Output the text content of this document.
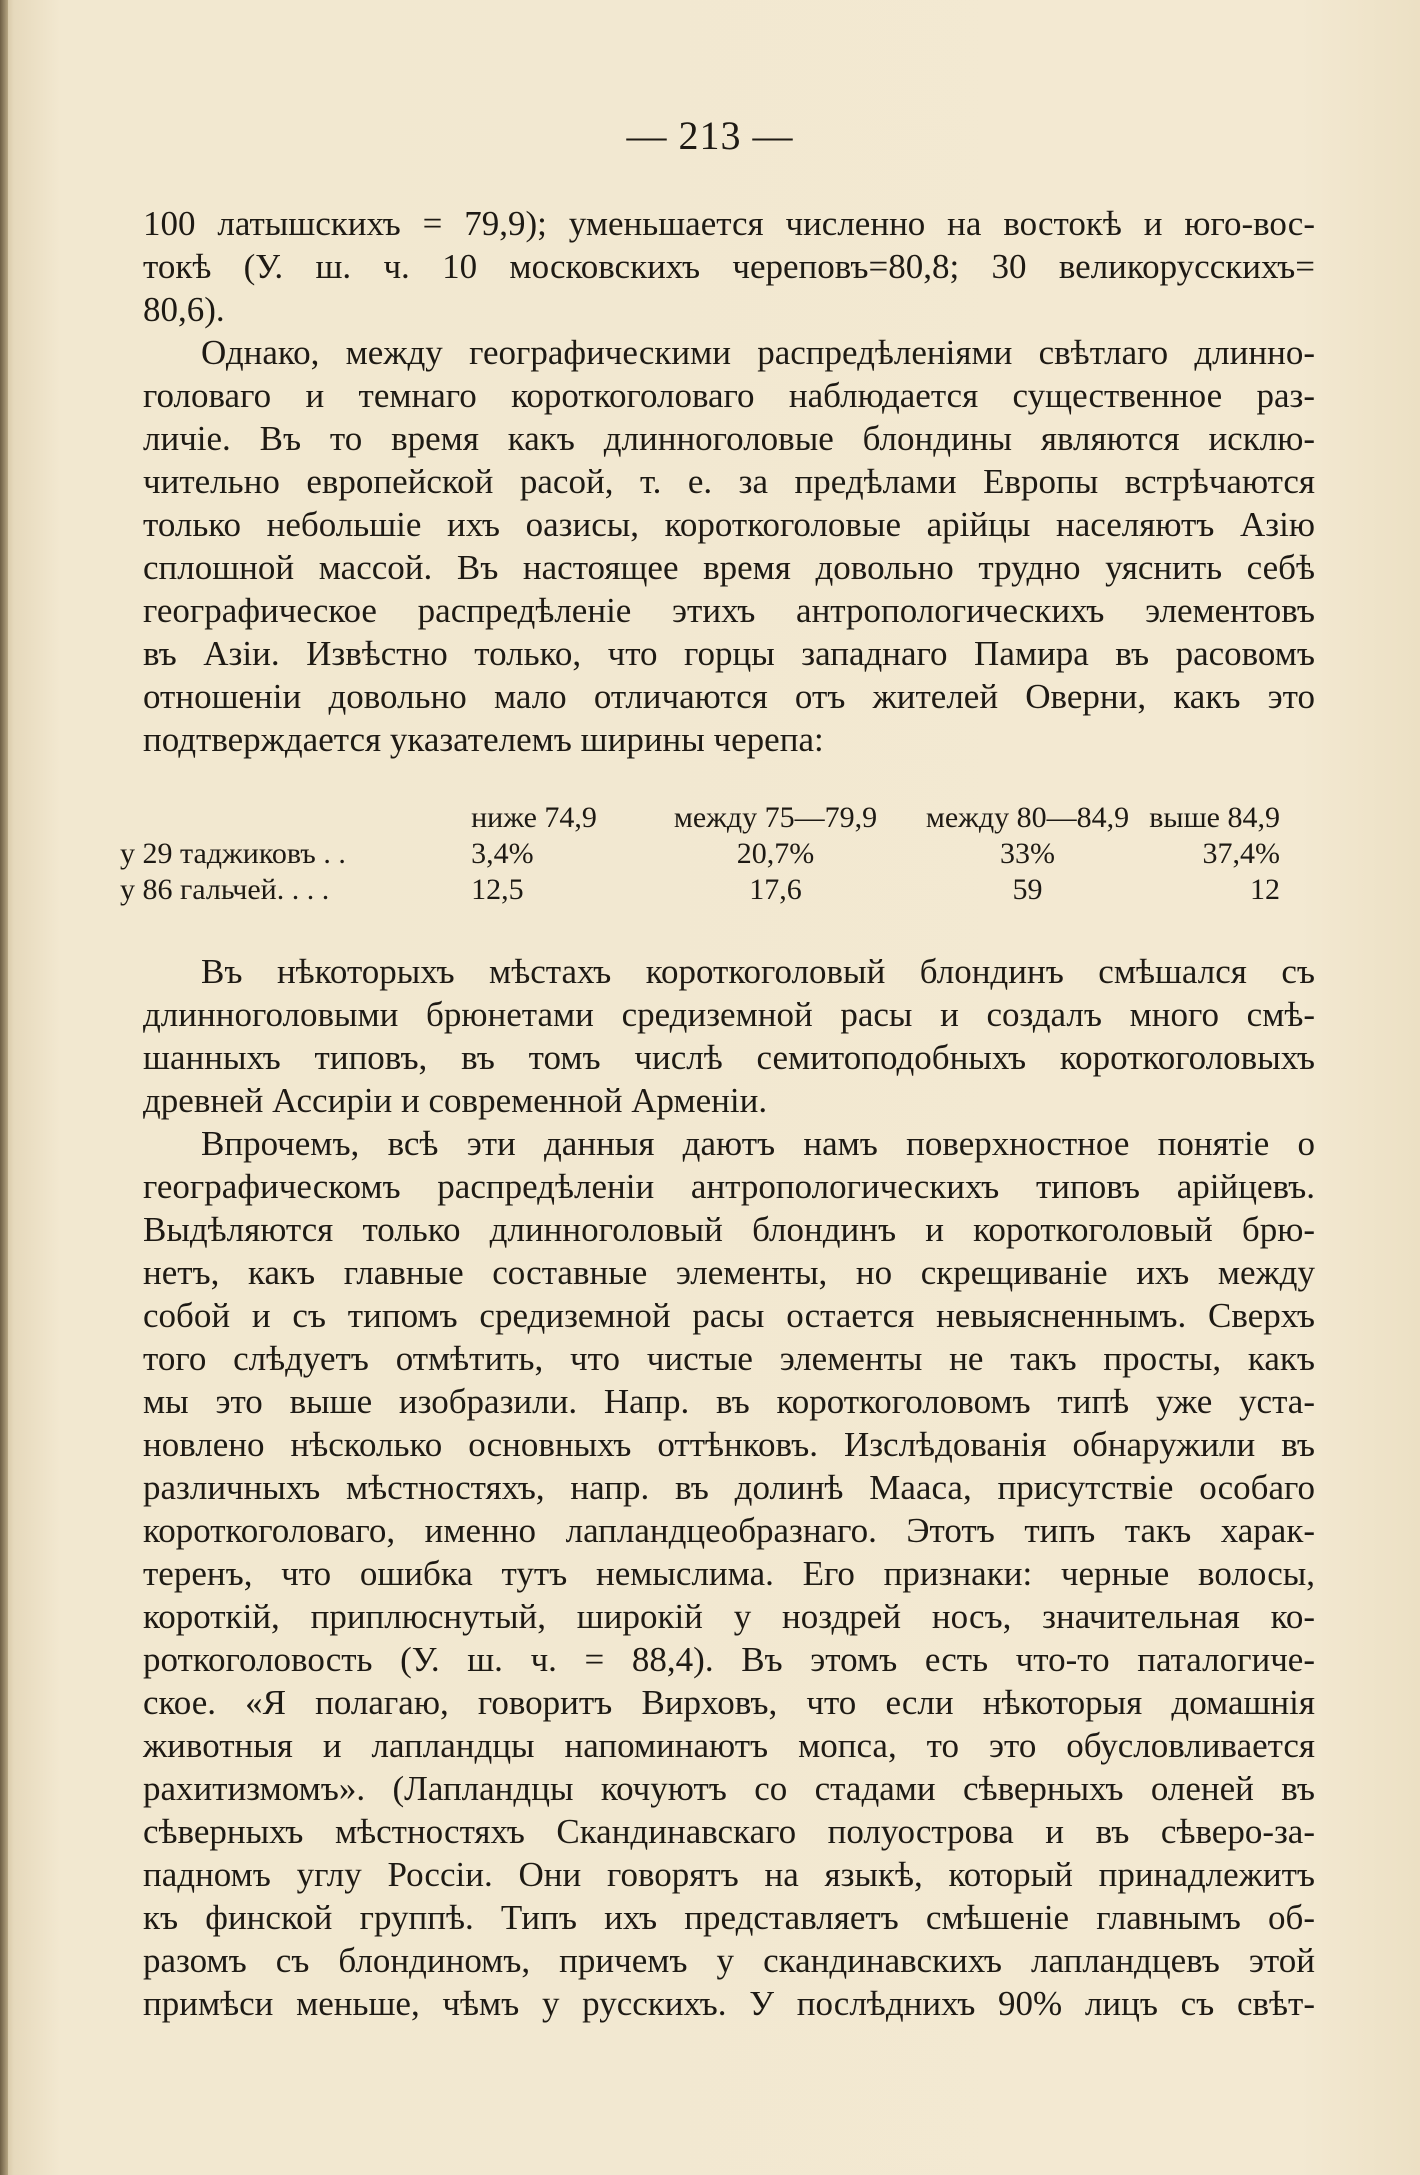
— 213 —
100 латышскихъ = 79,9); уменьшается численно на востокѣ и юго-вос-
токѣ (У. ш. ч. 10 московскихъ череповъ=80,8; 30 великорусскихъ=
80,6).
Однако, между географическими распредѣленіями свѣтлаго длинно-
головаго и темнаго короткоголоваго наблюдается существенное раз-
личіе. Въ то время какъ длинноголовые блондины являются исклю-
чительно европейской расой, т. е. за предѣлами Европы встрѣчаются
только небольшіе ихъ оазисы, короткоголовые арійцы населяютъ Азію
сплошной массой. Въ настоящее время довольно трудно уяснить себѣ
географическое распредѣленіе этихъ антропологическихъ элементовъ
въ Азіи. Извѣстно только, что горцы западнаго Памира въ расовомъ
отношеніи довольно мало отличаются отъ жителей Оверни, какъ это
подтверждается указателемъ ширины черепа:
	ниже 74,9	между 75—79,9	между 80—84,9	выше 84,9
у 29 таджиковъ . .	3,4%	20,7%	33%	37,4%
у 86 гальчей. . . .	12,5	17,6	59	12
Въ нѣкоторыхъ мѣстахъ короткоголовый блондинъ смѣшался съ
длинноголовыми брюнетами средиземной расы и создалъ много смѣ-
шанныхъ типовъ, въ томъ числѣ семитоподобныхъ короткоголовыхъ
древней Ассиріи и современной Арменіи.
Впрочемъ, всѣ эти данныя даютъ намъ поверхностное понятіе о
географическомъ распредѣленіи антропологическихъ типовъ арійцевъ.
Выдѣляются только длинноголовый блондинъ и короткоголовый брю-
нетъ, какъ главные составные элементы, но скрещиваніе ихъ между
собой и съ типомъ средиземной расы остается невыясненнымъ. Сверхъ
того слѣдуетъ отмѣтить, что чистые элементы не такъ просты, какъ
мы это выше изобразили. Напр. въ короткоголовомъ типѣ уже уста-
новлено нѣсколько основныхъ оттѣнковъ. Изслѣдованія обнаружили въ
различныхъ мѣстностяхъ, напр. въ долинѣ Мааса, присутствіе особаго
короткоголоваго, именно лапландцеобразнаго. Этотъ типъ такъ харак-
теренъ, что ошибка тутъ немыслима. Его признаки: черные волосы,
короткій, приплюснутый, широкій у ноздрей носъ, значительная ко-
роткоголовость (У. ш. ч. = 88,4). Въ этомъ есть что-то паталогиче-
ское. «Я полагаю, говоритъ Вирховъ, что если нѣкоторыя домашнія
животныя и лапландцы напоминаютъ мопса, то это обусловливается
рахитизмомъ». (Лапландцы кочуютъ со стадами сѣверныхъ оленей въ
сѣверныхъ мѣстностяхъ Скандинавскаго полуострова и въ сѣверо-за-
падномъ углу Россіи. Они говорятъ на языкѣ, который принадлежитъ
къ финской группѣ. Типъ ихъ представляетъ смѣшеніе главнымъ об-
разомъ съ блондиномъ, причемъ у скандинавскихъ лапландцевъ этой
примѣси меньше, чѣмъ у русскихъ. У послѣднихъ 90% лицъ съ свѣт-
